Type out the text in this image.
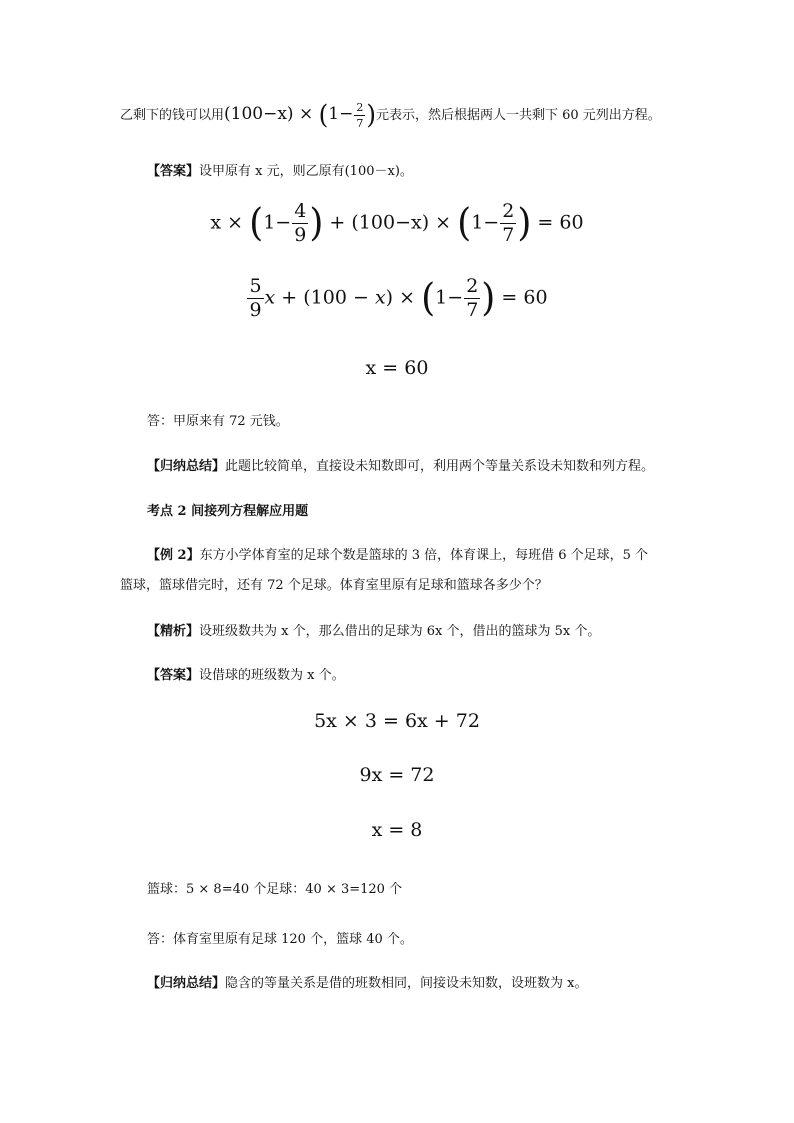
乙剩下的钱可以用$(100-x) \times (1- \frac{2}{7}$ )元表示，然后根据两人一共剩下 60 元列出方程。
【答案】设甲原有 x 元，则乙原有(100－x)。
$x \times (1- \frac{4}{9}$ ) + $(100-x) \times (1- \frac{2}{7}$ ) = 60
$\frac{5}{9}$ $x + (100 - x) \times (1- \frac{2}{7}$ ) = 60
x = 60
答：甲原来有 72 元钱。
【归纳总结】此题比较简单，直接设未知数即可，利用两个等量关系设未知数和列方程。
考点 2 间接列方程解应用题
【例 2】东方小学体育室的足球个数是篮球的 3 倍，体育课上，每班借 6 个足球，5 个
篮球，篮球借完时，还有 72 个足球。体育室里原有足球和篮球各多少个？
【精析】设班级数共为 x 个，那么借出的足球为 6x 个，借出的篮球为 5x 个。
【答案】设借球的班级数为 x 个。
5x × 3 = 6x + 72
9x = 72
x = 8
篮球：5 × 8=40 个足球：40 × 3=120 个
答：体育室里原有足球 120 个，篮球 40 个。
【归纳总结】隐含的等量关系是借的班数相同，间接设未知数，设班数为 x。
